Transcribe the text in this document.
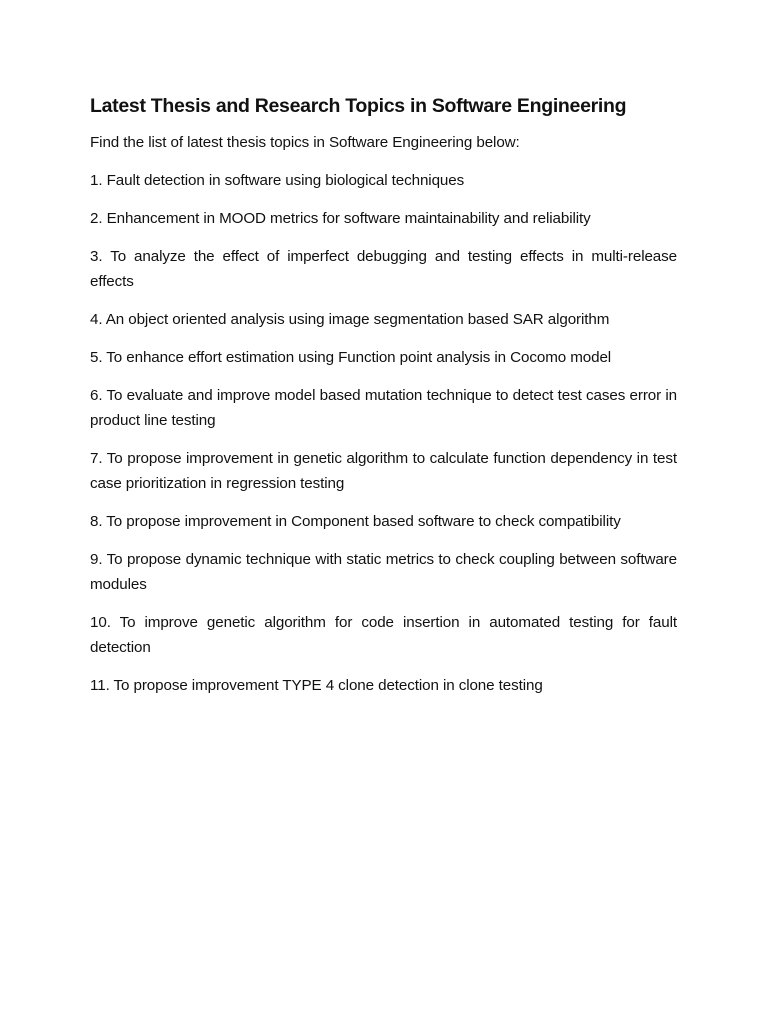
Latest Thesis and Research Topics in Software Engineering

Find the list of latest thesis topics in Software Engineering below:

1. Fault detection in software using biological techniques

2. Enhancement in MOOD metrics for software maintainability and reliability

3. To analyze the effect of imperfect debugging and testing effects in multi-release effects

4. An object oriented analysis using image segmentation based SAR algorithm

5. To enhance effort estimation using Function point analysis in Cocomo model

6. To evaluate and improve model based mutation technique to detect test cases error in product line testing

7. To propose improvement in genetic algorithm to calculate function dependency in test case prioritization in regression testing

8. To propose improvement in Component based software to check compatibility

9. To propose dynamic technique with static metrics to check coupling between software modules

10. To improve genetic algorithm for code insertion in automated testing for fault detection

11. To propose improvement TYPE 4 clone detection in clone testing
